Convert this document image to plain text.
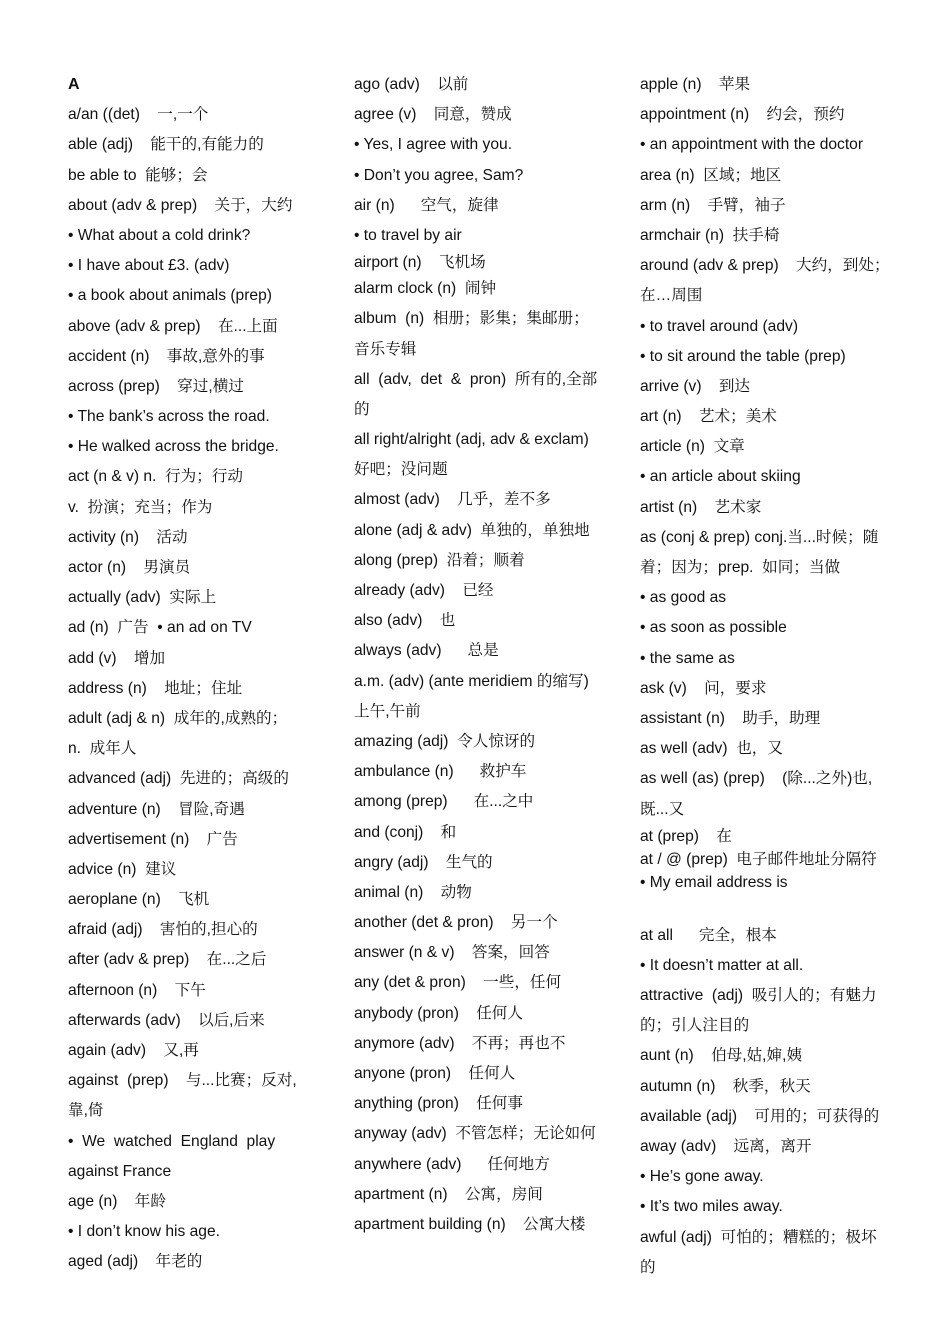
A
a/an ((det)    一,一个
able (adj)    能干的,有能力的
be able to  能够；会
about (adv & prep)    关于，大约
• What about a cold drink?
• I have about £3. (adv)
• a book about animals (prep)
above (adv & prep)    在...上面
accident (n)    事故,意外的事
across (prep)    穿过,横过
• The bank’s across the road.
• He walked across the bridge.
act (n & v) n.  行为；行动
v.  扮演；充当；作为
activity (n)    活动
actor (n)    男演员
actually (adv)  实际上
ad (n)  广告  • an ad on TV
add (v)    增加
address (n)    地址；住址
adult (adj & n)  成年的,成熟的；
n.  成年人
advanced (adj)  先进的；高级的
adventure (n)    冒险,奇遇
advertisement (n)    广告
advice (n)  建议
aeroplane (n)    飞机
afraid (adj)    害怕的,担心的
after (adv & prep)    在...之后
afternoon (n)    下午
afterwards (adv)    以后,后来
again (adv)    又,再
against  (prep)    与...比赛；反对,
靠,倚
•  We  watched  England  play
against France
age (n)    年龄
• I don’t know his age.
aged (adj)    年老的
ago (adv)    以前
agree (v)    同意，赞成
• Yes, I agree with you.
• Don’t you agree, Sam?
air (n)      空气，旋律
• to travel by air
airport (n)    飞机场
alarm clock (n)  闹钟
album  (n)  相册；影集；集邮册；
音乐专辑
all  (adv,  det  &  pron)  所有的,全部
的
all right/alright (adj, adv & exclam)
好吧；没问题
almost (adv)    几乎，差不多
alone (adj & adv)  单独的，单独地
along (prep)  沿着；顺着
already (adv)    已经
also (adv)    也
always (adv)      总是
a.m. (adv) (ante meridiem 的缩写)
上午,午前
amazing (adj)  令人惊讶的
ambulance (n)      救护车
among (prep)      在...之中
and (conj)    和
angry (adj)    生气的
animal (n)    动物
another (det & pron)    另一个
answer (n & v)    答案，回答
any (det & pron)    一些，任何
anybody (pron)    任何人
anymore (adv)    不再；再也不
anyone (pron)    任何人
anything (pron)    任何事
anyway (adv)  不管怎样；无论如何
anywhere (adv)      任何地方
apartment (n)    公寓，房间
apartment building (n)    公寓大楼
apple (n)    苹果
appointment (n)    约会，预约
• an appointment with the doctor
area (n)  区域；地区
arm (n)    手臂，袖子
armchair (n)  扶手椅
around (adv & prep)    大约，到处；
在…周围
• to travel around (adv)
• to sit around the table (prep)
arrive (v)    到达
art (n)    艺术；美术
article (n)  文章
• an article about skiing
artist (n)    艺术家
as (conj & prep) conj.当...时候；随
着；因为；prep.  如同；当做
• as good as
• as soon as possible
• the same as
ask (v)    问，要求
assistant (n)    助手，助理
as well (adv)  也，又
as well (as) (prep)    (除...之外)也,
既...又
at (prep)    在
at / @ (prep)  电子邮件地址分隔符
• My email address is
at all      完全，根本
• It doesn’t matter at all.
attractive  (adj)  吸引人的；有魅力
的；引人注目的
aunt (n)    伯母,姑,婶,姨
autumn (n)    秋季，秋天
available (adj)    可用的；可获得的
away (adv)    远离，离开
• He’s gone away.
• It’s two miles away.
awful (adj)  可怕的；糟糕的；极坏
的
